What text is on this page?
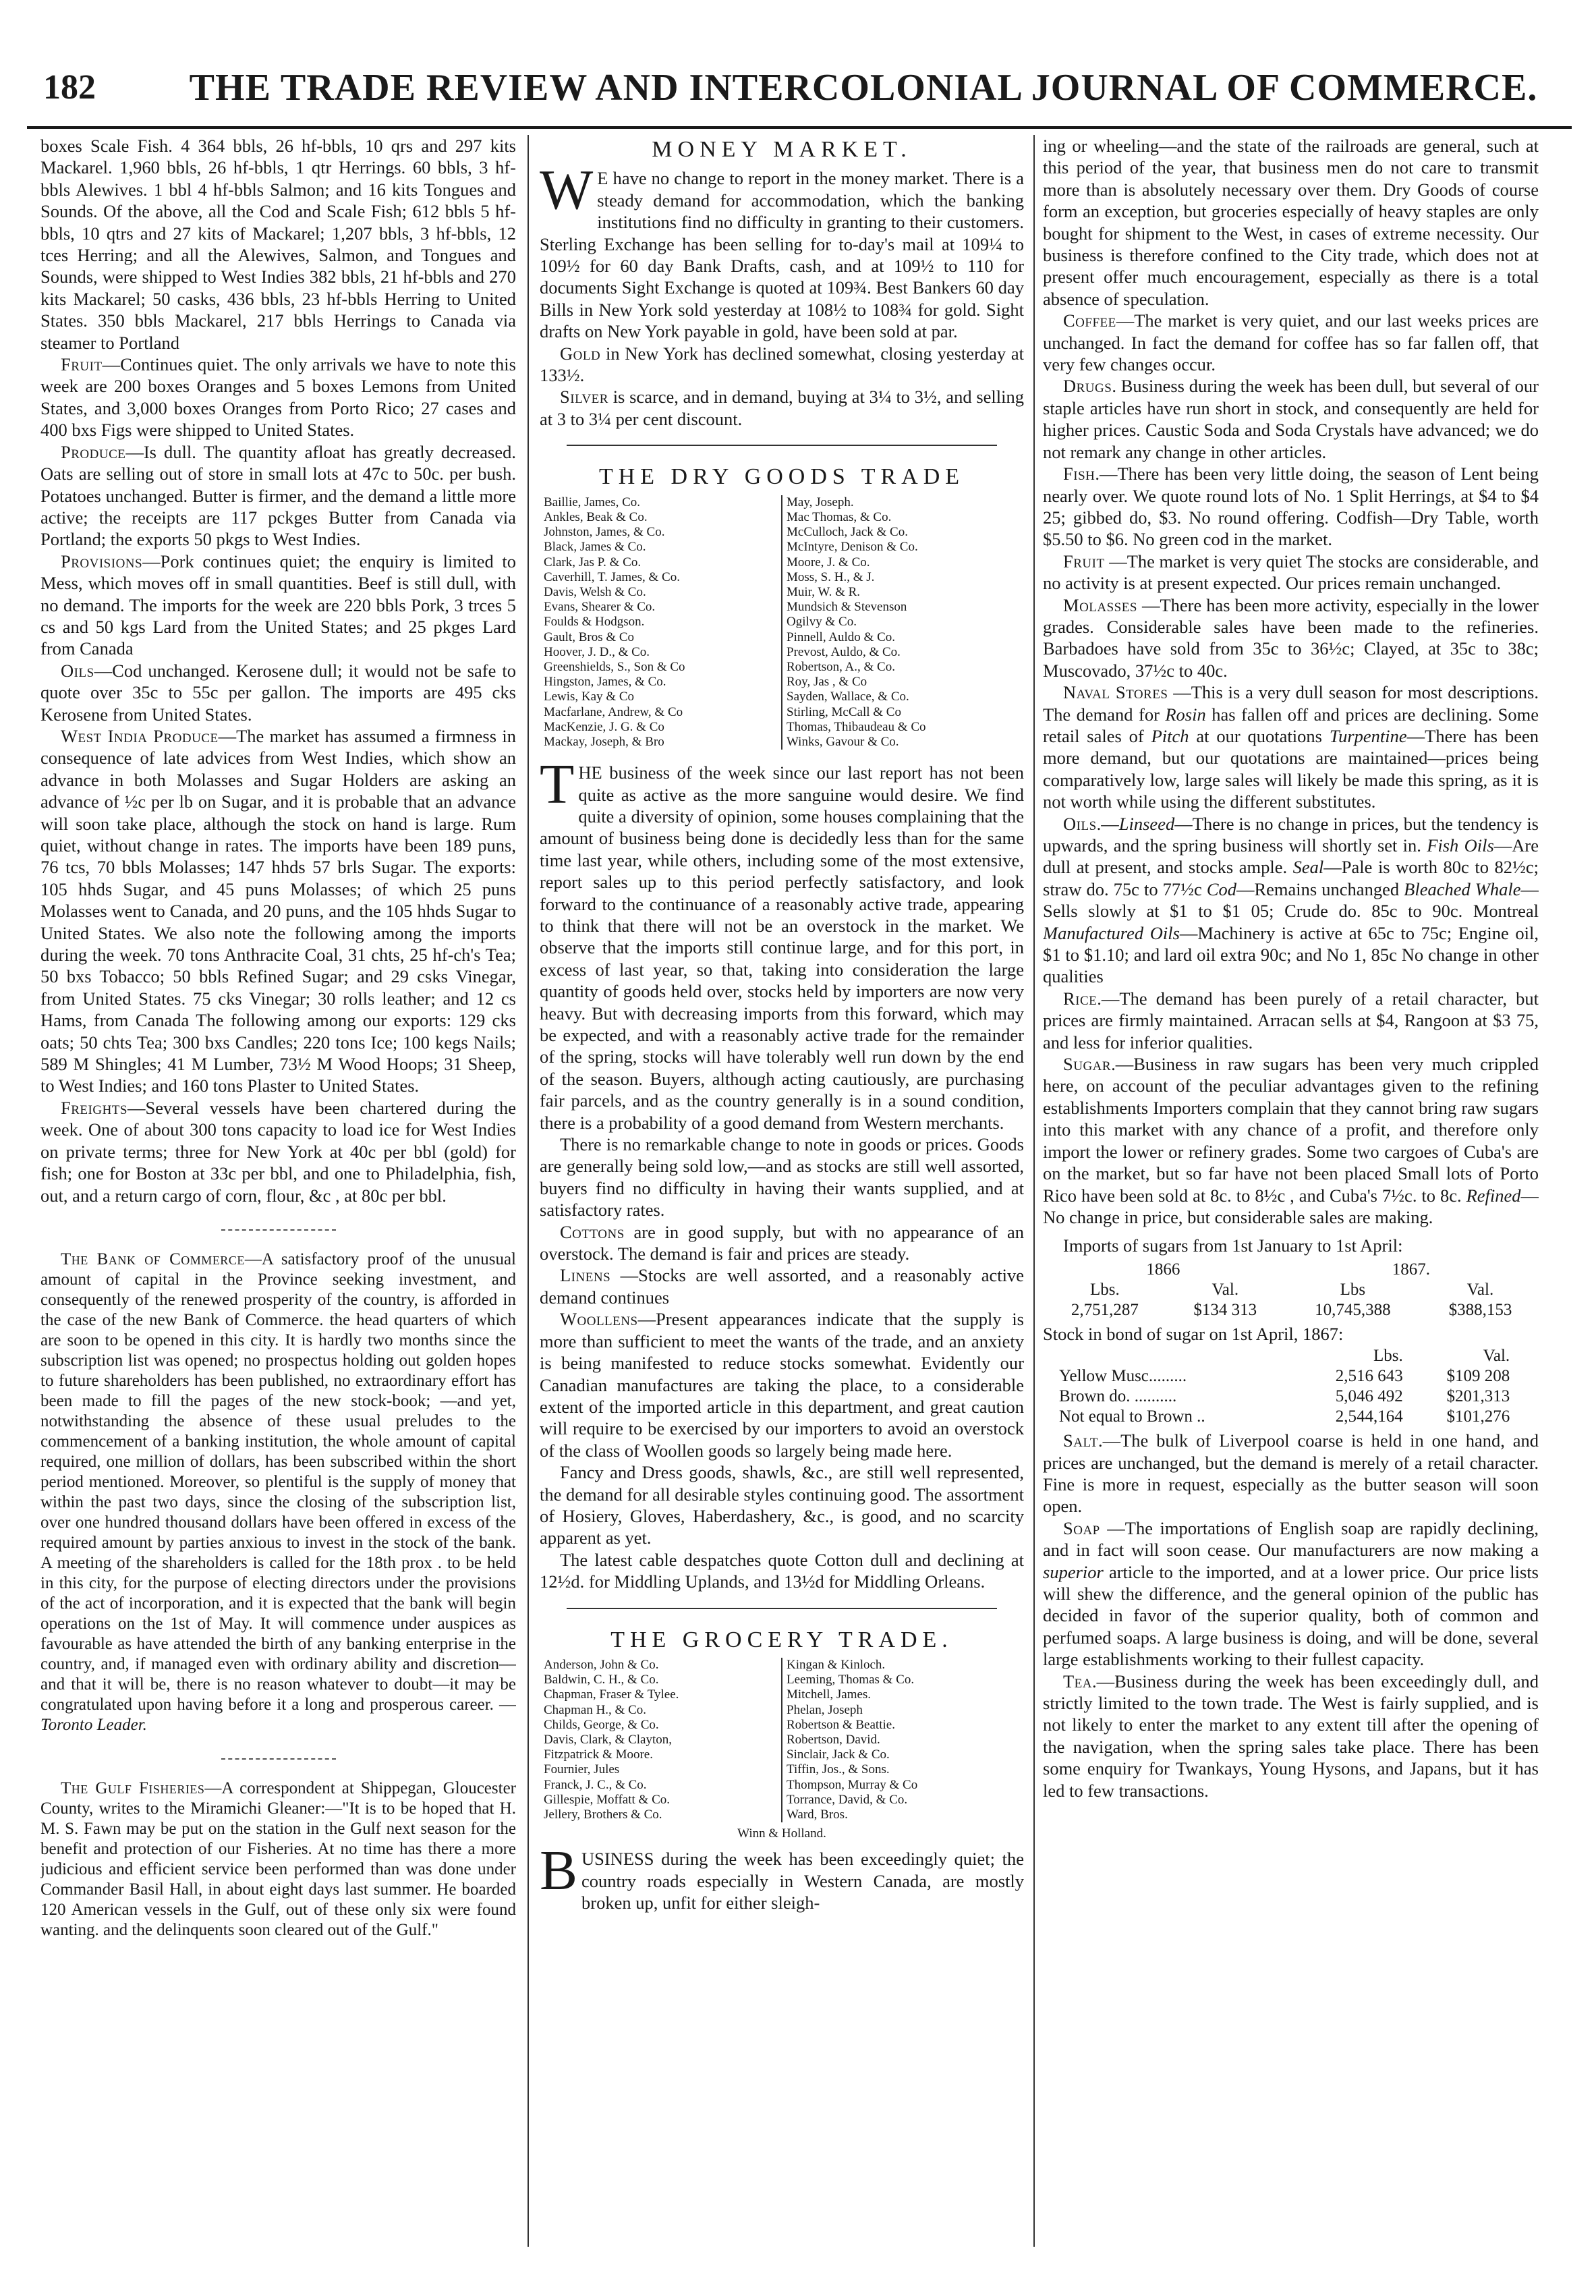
182	THE TRADE REVIEW AND INTERCOLONIAL JOURNAL OF COMMERCE.

boxes Scale Fish. 4 364 bbls, 26 hf-bbls, 10 qrs and 297 kits Mackarel. 1,960 bbls, 26 hf-bbls, 1 qtr Herrings. 60 bbls, 3 hf-bbls Alewives. 1 bbl 4 hf-bbls Salmon; and 16 kits Tongues and Sounds. Of the above, all the Cod and Scale Fish; 612 bbls 5 hf-bbls, 10 qtrs and 27 kits of Mackarel; 1,207 bbls, 3 hf-bbls, 12 tces Herring; and all the Alewives, Salmon, and Tongues and Sounds, were shipped to West Indies 382 bbls, 21 hf-bbls and 270 kits Mackarel; 50 casks, 436 bbls, 23 hf-bbls Herring to United States. 350 bbls Mackarel, 217 bbls Herrings to Canada via steamer to Portland

Fruit—Continues quiet. The only arrivals we have to note this week are 200 boxes Oranges and 5 boxes Lemons from United States, and 3,000 boxes Oranges from Porto Rico; 27 cases and 400 bxs Figs were shipped to United States.

Produce—Is dull. The quantity afloat has greatly decreased. Oats are selling out of store in small lots at 47c to 50c. per bush. Potatoes unchanged. Butter is firmer, and the demand a little more active; the receipts are 117 pckges Butter from Canada via Portland; the exports 50 pkgs to West Indies.

Provisions—Pork continues quiet; the enquiry is limited to Mess, which moves off in small quantities. Beef is still dull, with no demand. The imports for the week are 220 bbls Pork, 3 trces 5 cs and 50 kgs Lard from the United States; and 25 pkges Lard from Canada

Oils—Cod unchanged. Kerosene dull; it would not be safe to quote over 35c to 55c per gallon. The imports are 495 cks Kerosene from United States.

West India Produce—The market has assumed a firmness in consequence of late advices from West Indies, which show an advance in both Molasses and Sugar Holders are asking an advance of ½c per lb on Sugar, and it is probable that an advance will soon take place, although the stock on hand is large. Rum quiet, without change in rates. The imports have been 189 puns, 76 tcs, 70 bbls Molasses; 147 hhds 57 brls Sugar. The exports: 105 hhds Sugar, and 45 puns Molasses; of which 25 puns Molasses went to Canada, and 20 puns, and the 105 hhds Sugar to United States. We also note the following among the imports during the week. 70 tons Anthracite Coal, 31 chts, 25 hf-ch's Tea; 50 bxs Tobacco; 50 bbls Refined Sugar; and 29 csks Vinegar, from United States. 75 cks Vinegar; 30 rolls leather; and 12 cs Hams, from Canada The following among our exports: 129 cks oats; 50 chts Tea; 300 bxs Candles; 220 tons Ice; 100 kegs Nails; 589 M Shingles; 41 M Lumber, 73½ M Wood Hoops; 31 Sheep, to West Indies; and 160 tons Plaster to United States.

Freights—Several vessels have been chartered during the week. One of about 300 tons capacity to load ice for West Indies on private terms; three for New York at 40c per bbl (gold) for fish; one for Boston at 33c per bbl, and one to Philadelphia, fish, out, and a return cargo of corn, flour, &c , at 80c per bbl.

The Bank of Commerce—A satisfactory proof of the unusual amount of capital in the Province seeking investment, and consequently of the renewed prosperity of the country, is afforded in the case of the new Bank of Commerce. the head quarters of which are soon to be opened in this city. It is hardly two months since the subscription list was opened; no prospectus holding out golden hopes to future shareholders has been published, no extraordinary effort has been made to fill the pages of the new stock-book; —and yet, notwithstanding the absence of these usual preludes to the commencement of a banking institution, the whole amount of capital required, one million of dollars, has been subscribed within the short period mentioned. Moreover, so plentiful is the supply of money that within the past two days, since the closing of the subscription list, over one hundred thousand dollars have been offered in excess of the required amount by parties anxious to invest in the stock of the bank. A meeting of the shareholders is called for the 18th prox . to be held in this city, for the purpose of electing directors under the provisions of the act of incorporation, and it is expected that the bank will begin operations on the 1st of May. It will commence under auspices as favourable as have attended the birth of any banking enterprise in the country, and, if managed even with ordinary ability and discretion—and that it will be, there is no reason whatever to doubt—it may be congratulated upon having before it a long and prosperous career. — Toronto Leader.

The Gulf Fisheries—A correspondent at Shippegan, Gloucester County, writes to the Miramichi Gleaner:—"It is to be hoped that H. M. S. Fawn may be put on the station in the Gulf next season for the benefit and protection of our Fisheries. At no time has there a more judicious and efficient service been performed than was done under Commander Basil Hall, in about eight days last summer. He boarded 120 American vessels in the Gulf, out of these only six were found wanting. and the delinquents soon cleared out of the Gulf."

MONEY MARKET.

W E have no change to report in the money market. There is a steady demand for accommodation, which the banking institutions find no difficulty in granting to their customers. Sterling Exchange has been selling for to-day's mail at 109¼ to 109½ for 60 day Bank Drafts, cash, and at 109½ to 110 for documents Sight Exchange is quoted at 109¾. Best Bankers 60 day Bills in New York sold yesterday at 108½ to 108¾ for gold. Sight drafts on New York payable in gold, have been sold at par.

Gold in New York has declined somewhat, closing yesterday at 133½.

Silver is scarce, and in demand, buying at 3¼ to 3½, and selling at 3 to 3¼ per cent discount.

THE DRY GOODS TRADE
Baillie, James, Co.
Ankles, Beak & Co.
Johnston, James, & Co.
Black, James & Co.
Clark, Jas P. & Co.
Caverhill, T. James, & Co.
Davis, Welsh & Co.
Evans, Shearer & Co.
Foulds & Hodgson.
Gault, Bros & Co
Hoover, J. D., & Co.
Greenshields, S., Son & Co
Hingston, James, & Co.
Lewis, Kay & Co
Macfarlane, Andrew, & Co
MacKenzie, J. G. & Co
Mackay, Joseph, & Bro
May, Joseph.
Mac Thomas, & Co.
McCulloch, Jack & Co.
McIntyre, Denison & Co.
Moore, J. & Co.
Moss, S. H., & J.
Muir, W. & R.
Mundsich & Stevenson
Ogilvy & Co.
Pinnell, Auldo & Co.
Prevost, Auldo, & Co.
Robertson, A., & Co.
Roy, Jas , & Co
Sayden, Wallace, & Co.
Stirling, McCall & Co
Thomas, Thibaudeau & Co
Winks, Gavour & Co.

THE business of the week since our last report has not been quite as active as the more sanguine would desire. We find quite a diversity of opinion, some houses complaining that the amount of business being done is decidedly less than for the same time last year, while others, including some of the most extensive, report sales up to this period perfectly satisfactory, and look forward to the continuance of a reasonably active trade, appearing to think that there will not be an overstock in the market. We observe that the imports still continue large, and for this port, in excess of last year, so that, taking into consideration the large quantity of goods held over, stocks held by importers are now very heavy. But with decreasing imports from this forward, which may be expected, and with a reasonably active trade for the remainder of the spring, stocks will have tolerably well run down by the end of the season. Buyers, although acting cautiously, are purchasing fair parcels, and as the country generally is in a sound condition, there is a probability of a good demand from Western merchants.

There is no remarkable change to note in goods or prices. Goods are generally being sold low,—and as stocks are still well assorted, buyers find no difficulty in having their wants supplied, and at satisfactory rates.

Cottons are in good supply, but with no appearance of an overstock. The demand is fair and prices are steady.

Linens —Stocks are well assorted, and a reasonably active demand continues

Woollens—Present appearances indicate that the supply is more than sufficient to meet the wants of the trade, and an anxiety is being manifested to reduce stocks somewhat. Evidently our Canadian manufactures are taking the place, to a considerable extent of the imported article in this department, and great caution will require to be exercised by our importers to avoid an overstock of the class of Woollen goods so largely being made here.

Fancy and Dress goods, shawls, &c., are still well represented, the demand for all desirable styles continuing good. The assortment of Hosiery, Gloves, Haberdashery, &c., is good, and no scarcity apparent as yet.

The latest cable despatches quote Cotton dull and declining at 12½d. for Middling Uplands, and 13½d for Middling Orleans.

THE GROCERY TRADE.
Anderson, John & Co.
Baldwin, C. H., & Co.
Chapman, Fraser & Tylee.
Chapman H., & Co.
Childs, George, & Co.
Davis, Clark, & Clayton,
Fitzpatrick & Moore.
Fournier, Jules
Franck, J. C., & Co.
Gillespie, Moffatt & Co.
Jellery, Brothers & Co.
Kingan & Kinloch.
Leeming, Thomas & Co.
Mitchell, James.
Phelan, Joseph
Robertson & Beattie.
Robertson, David.
Sinclair, Jack & Co.
Tiffin, Jos., & Sons.
Thompson, Murray & Co
Torrance, David, & Co.
Ward, Bros.
Winn & Holland.

BUSINESS during the week has been exceedingly quiet; the country roads especially in Western Canada, are mostly broken up, unfit for either sleigh-

ing or wheeling—and the state of the railroads are general, such at this period of the year, that business men do not care to transmit more than is absolutely necessary over them. Dry Goods of course form an exception, but groceries especially of heavy staples are only bought for shipment to the West, in cases of extreme necessity. Our business is therefore confined to the City trade, which does not at present offer much encouragement, especially as there is a total absence of speculation.

Coffee—The market is very quiet, and our last weeks prices are unchanged. In fact the demand for coffee has so far fallen off, that very few changes occur.

Drugs. Business during the week has been dull, but several of our staple articles have run short in stock, and consequently are held for higher prices. Caustic Soda and Soda Crystals have advanced; we do not remark any change in other articles.

Fish.—There has been very little doing, the season of Lent being nearly over. We quote round lots of No. 1 Split Herrings, at $4 to $4 25; gibbed do, $3. No round offering. Codfish—Dry Table, worth $5.50 to $6. No green cod in the market.

Fruit —The market is very quiet The stocks are considerable, and no activity is at present expected. Our prices remain unchanged.

Molasses —There has been more activity, especially in the lower grades. Considerable sales have been made to the refineries. Barbadoes have sold from 35c to 36½c; Clayed, at 35c to 38c; Muscovado, 37½c to 40c.

Naval Stores —This is a very dull season for most descriptions. The demand for Rosin has fallen off and prices are declining. Some retail sales of Pitch at our quotations Turpentine—There has been more demand, but our quotations are maintained—prices being comparatively low, large sales will likely be made this spring, as it is not worth while using the different substitutes.

Oils.—Linseed—There is no change in prices, but the tendency is upwards, and the spring business will shortly set in. Fish Oils—Are dull at present, and stocks ample. Seal—Pale is worth 80c to 82½c; straw do. 75c to 77½c Cod—Remains unchanged Bleached Whale—Sells slowly at $1 to $1 05; Crude do. 85c to 90c. Montreal Manufactured Oils—Machinery is active at 65c to 75c; Engine oil, $1 to $1.10; and lard oil extra 90c; and No 1, 85c No change in other qualities

Rice.—The demand has been purely of a retail character, but prices are firmly maintained. Arracan sells at $4, Rangoon at $3 75, and less for inferior qualities.

Sugar.—Business in raw sugars has been very much crippled here, on account of the peculiar advantages given to the refining establishments Importers complain that they cannot bring raw sugars into this market with any chance of a profit, and therefore only import the lower or refinery grades. Some two cargoes of Cuba's are on the market, but so far have not been placed Small lots of Porto Rico have been sold at 8c. to 8½c , and Cuba's 7½c. to 8c. Refined—No change in price, but considerable sales are making.

Imports of sugars from 1st January to 1st April:

1866		1867.	
Lbs.	Val.	Lbs	Val.
2,751,287	$134 313	10,745,388	$388,153

Stock in bond of sugar on 1st April, 1867:

	Lbs.	Val.
Yellow Musc.........	2,516 643	$109 208
Brown do. ..........	5,046 492	$201,313
Not equal to Brown ..	2,544,164	$101,276

Salt.—The bulk of Liverpool coarse is held in one hand, and prices are unchanged, but the demand is merely of a retail character. Fine is more in request, especially as the butter season will soon open.

Soap —The importations of English soap are rapidly declining, and in fact will soon cease. Our manufacturers are now making a superior article to the imported, and at a lower price. Our price lists will shew the difference, and the general opinion of the public has decided in favor of the superior quality, both of common and perfumed soaps. A large business is doing, and will be done, several large establishments working to their fullest capacity.

Tea.—Business during the week has been exceedingly dull, and strictly limited to the town trade. The West is fairly supplied, and is not likely to enter the market to any extent till after the opening of the navigation, when the spring sales take place. There has been some enquiry for Twankays, Young Hysons, and Japans, but it has led to few transactions.
